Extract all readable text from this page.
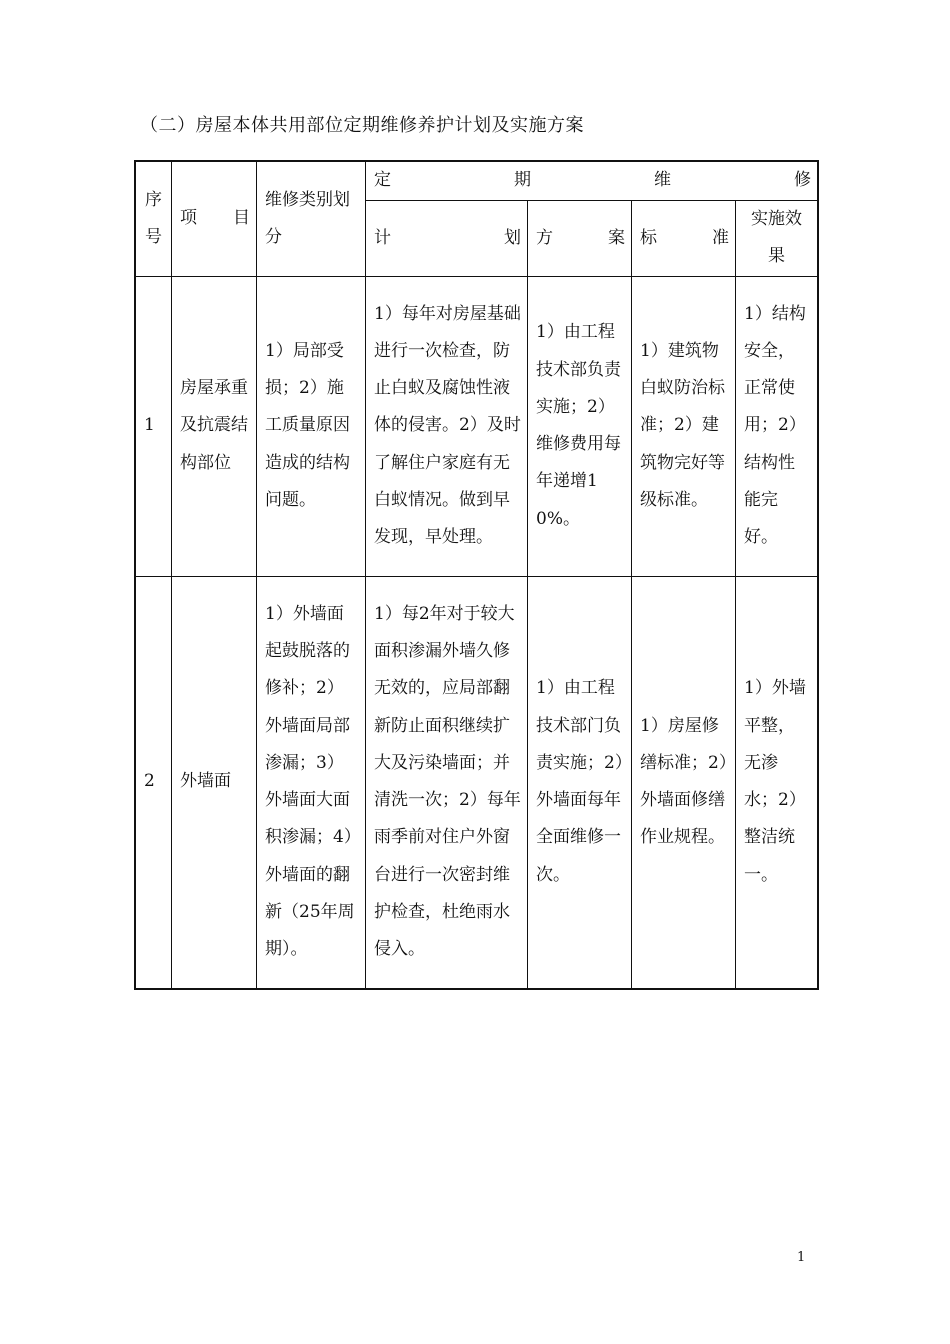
（二）房屋本体共用部位定期维修养护计划及实施方案
序号	项　　目	维修类别划分	定　　期　　维　　修			

			计　　　　划	方　　　案	标　　　准	实施效果

1	房屋承重及抗震结构部位	1）局部受损；2）施工质量原因造成的结构问题。	1）每年对房屋基础进行一次检查，防止白蚁及腐蚀性液体的侵害。2）及时了解住户家庭有无白蚁情况。做到早发现，早处理。	1）由工程技术部负责实施；2）维修费用每年递增10%。	1）建筑物白蚁防治标准；2）建筑物完好等级标准。	1）结构安全，正常使用；2）结构性能完好。

2	外墙面	1）外墙面起鼓脱落的修补；2）外墙面局部渗漏；3）外墙面大面积渗漏；4）外墙面的翻新（25年周期）。	1）每2年对于较大面积渗漏外墙久修无效的，应局部翻新防止面积继续扩大及污染墙面；并清洗一次；2）每年雨季前对住户外窗台进行一次密封维护检查，杜绝雨水侵入。	1）由工程技术部门负责实施；2）外墙面每年全面维修一次。	1）房屋修缮标准；2）外墙面修缮作业规程。	1）外墙平整，无渗水；2）整洁统一。
1
